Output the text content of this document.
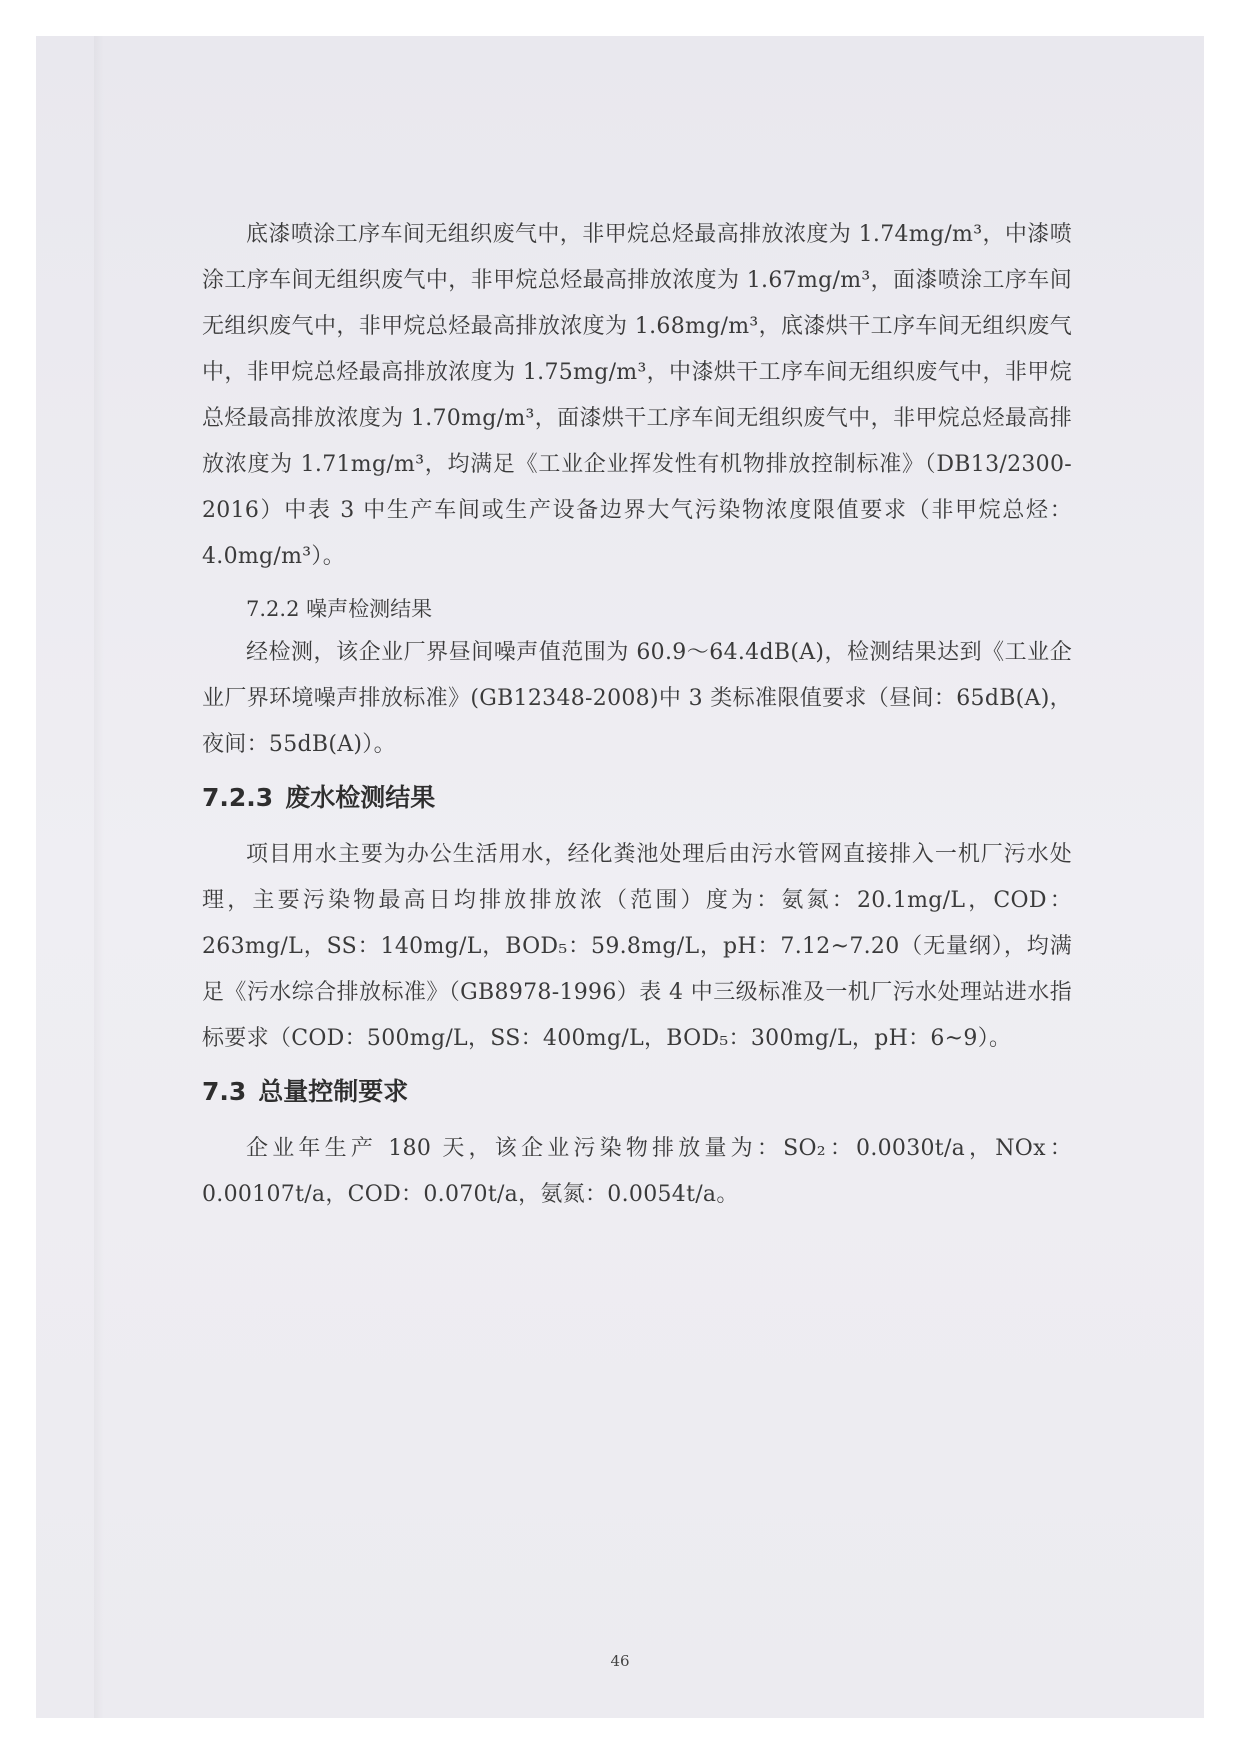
底漆喷涂工序车间无组织废气中，非甲烷总烃最高排放浓度为 1.74mg/m³，中漆喷涂工序车间无组织废气中，非甲烷总烃最高排放浓度为 1.67mg/m³，面漆喷涂工序车间无组织废气中，非甲烷总烃最高排放浓度为 1.68mg/m³，底漆烘干工序车间无组织废气中，非甲烷总烃最高排放浓度为 1.75mg/m³，中漆烘干工序车间无组织废气中，非甲烷总烃最高排放浓度为 1.70mg/m³，面漆烘干工序车间无组织废气中，非甲烷总烃最高排放浓度为 1.71mg/m³，均满足《工业企业挥发性有机物排放控制标准》（DB13/2300-2016）中表 3 中生产车间或生产设备边界大气污染物浓度限值要求（非甲烷总烃：4.0mg/m³）。

7.2.2 噪声检测结果

经检测，该企业厂界昼间噪声值范围为 60.9～64.4dB(A)，检测结果达到《工业企业厂界环境噪声排放标准》(GB12348-2008)中 3 类标准限值要求（昼间：65dB(A)，夜间：55dB(A)）。

7.2.3 废水检测结果

项目用水主要为办公生活用水，经化粪池处理后由污水管网直接排入一机厂污水处理，主要污染物最高日均排放排放浓（范围）度为：氨氮：20.1mg/L，COD：263mg/L，SS：140mg/L，BOD₅：59.8mg/L，pH：7.12~7.20（无量纲），均满足《污水综合排放标准》（GB8978-1996）表 4 中三级标准及一机厂污水处理站进水指标要求（COD：500mg/L，SS：400mg/L，BOD₅：300mg/L，pH：6~9）。

7.3 总量控制要求

企业年生产 180 天，该企业污染物排放量为：SO₂：0.0030t/a，NOx：0.00107t/a，COD：0.070t/a，氨氮：0.0054t/a。

46
